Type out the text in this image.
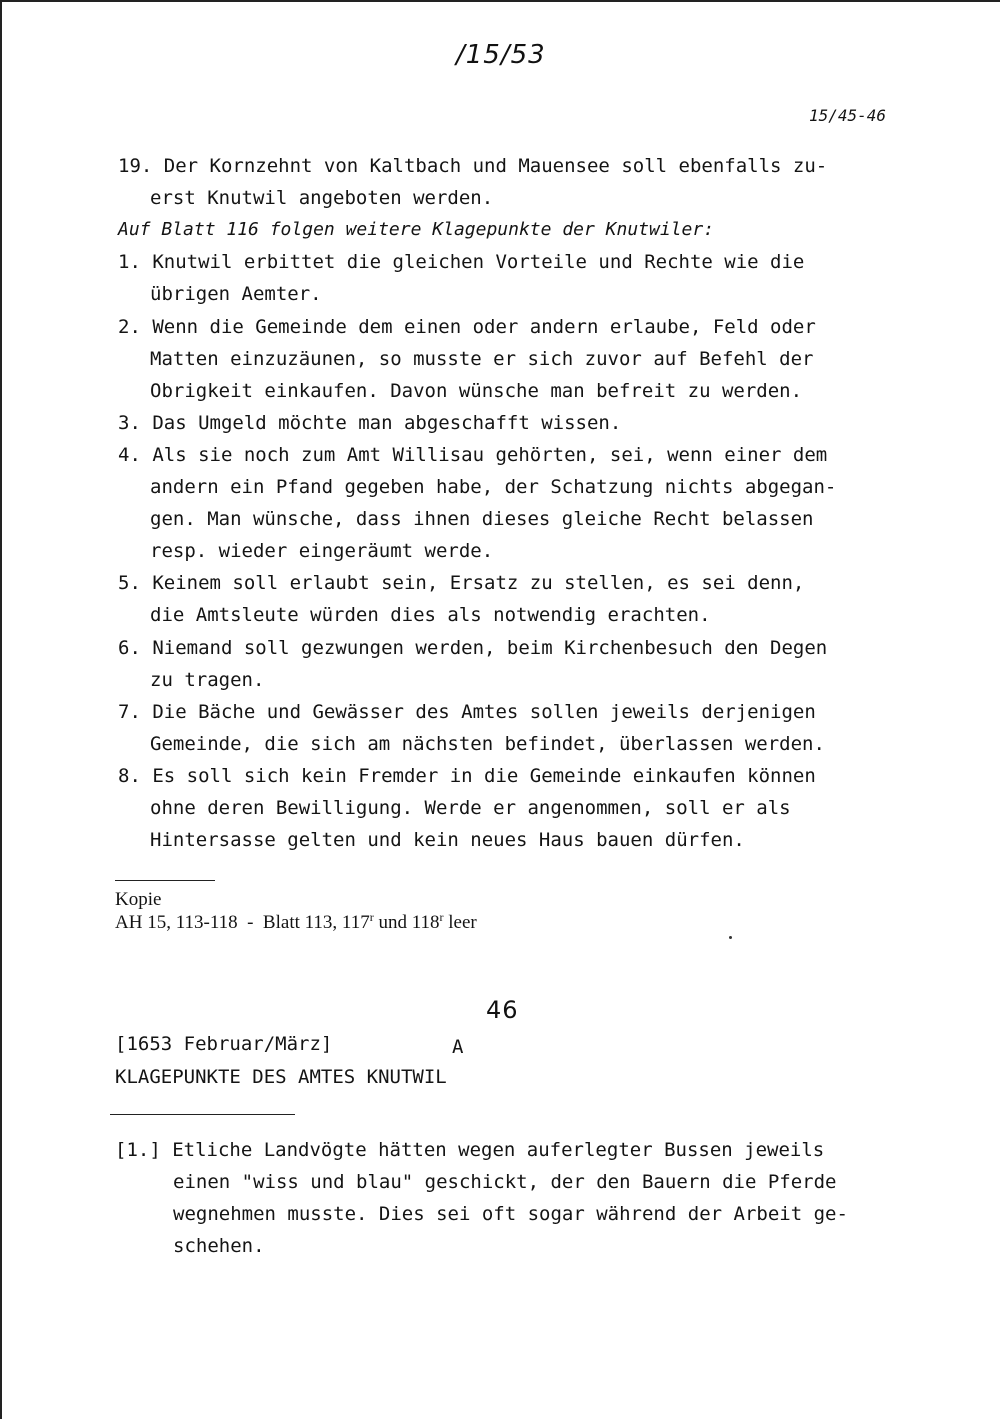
/15/53
15/45-46
19. Der Kornzehnt von Kaltbach und Mauensee soll ebenfalls zu-
erst Knutwil angeboten werden.
Auf Blatt 116 folgen weitere Klagepunkte der Knutwiler:
1. Knutwil erbittet die gleichen Vorteile und Rechte wie die
übrigen Aemter.
2. Wenn die Gemeinde dem einen oder andern erlaube, Feld oder
Matten einzuzäunen, so musste er sich zuvor auf Befehl der
Obrigkeit einkaufen. Davon wünsche man befreit zu werden.
3. Das Umgeld möchte man abgeschafft wissen.
4. Als sie noch zum Amt Willisau gehörten, sei, wenn einer dem
andern ein Pfand gegeben habe, der Schatzung nichts abgegan-
gen. Man wünsche, dass ihnen dieses gleiche Recht belassen
resp. wieder eingeräumt werde.
5. Keinem soll erlaubt sein, Ersatz zu stellen, es sei denn,
die Amtsleute würden dies als notwendig erachten.
6. Niemand soll gezwungen werden, beim Kirchenbesuch den Degen
zu tragen.
7. Die Bäche und Gewässer des Amtes sollen jeweils derjenigen
Gemeinde, die sich am nächsten befindet, überlassen werden.
8. Es soll sich kein Fremder in die Gemeinde einkaufen können
ohne deren Bewilligung. Werde er angenommen, soll er als
Hintersasse gelten und kein neues Haus bauen dürfen.
Kopie
AH 15, 113-118  -  Blatt 113, 117$^r$ und 118$^r$ leer
46
[1653 Februar/März]	A
KLAGEPUNKTE DES AMTES KNUTWIL
[1.] Etliche Landvögte hätten wegen auferlegter Bussen jeweils
einen "wiss und blau" geschickt, der den Bauern die Pferde
wegnehmen musste. Dies sei oft sogar während der Arbeit ge-
schehen.
